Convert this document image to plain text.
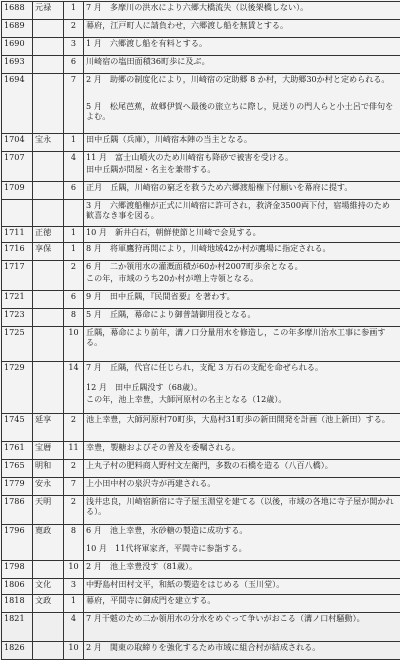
1688	元禄	1	7 月　多摩川の洪水により六郷大橋流失（以後架橋しない）。
1689		2	幕府，江戸町人に請負わせ，六郷渡し船を無賃とする。
1690		3	1 月　六郷渡し船を有料とする。
1693		6	川崎宿の塩田面積36町歩に及ぶ。
1694		7	2 月　助郷の制度化により，川崎宿の定助郷 8 か村，大助郷30か村と定められる。
			5 月　松尾芭蕉，故郷伊賀へ最後の旅立ちに際し，見送りの門人らと小土呂で俳句をよむ。
1704	宝永	1	田中丘隅（兵庫），川崎宿本陣の当主となる。
1707		4	11 月　富士山噴火のため川崎宿も降砂で被害を受ける。
			田中丘隅が問屋・名主を兼帯する。
1709		6	正月　丘隅，川崎宿の窮乏を救うため六郷渡船権下付願いを幕府に提す。
			3 月　六郷渡船権が正式に川崎宿に許可され，救済金3500両下付，宿場維持のため歓喜なき事を図る。
1711	正徳	1	10 月　新井白石，朝鮮使節と川崎で会見する。
1716	享保	1	8 月　将軍鷹狩再開により，川崎地域42か村が鷹場に指定される。
1717		2	6 月　二か領用水の灌漑面積が60か村2007町歩余となる。
			この年，市域のうち20か村が増上寺領となる。
1721		6	9 月　田中丘隅，『民間省要』を著わす。
1723		8	5 月　丘隅，幕命により御普請御用役となる。
1725		10	丘隅，幕命により前年，溝ノ口分量用水を修造し，この年多摩川治水工事に参画する。
1729		14	7 月　丘隅，代官に任じられ，支配 3 万石の支配を命ぜられる。
			12 月　田中丘隅没す（68歳）。
			この年，池上幸豊，大師河原村の名主となる（12歳）。
1745	延享	2	池上幸豊，大師河原村70町歩，大島村31町歩の新田開発を計画（池上新田）する。
1761	宝暦	11	幸豊，製糖およびその普及を委嘱される。
1765	明和	2	上丸子村の肥料商人野村文左衛門，多数の石橋を造る（八百八橋）。
1779	安永	7	上小田中村の泉沢寺が再建される。
1786	天明	2	浅井忠良，川崎宿新宿に寺子屋玉淵堂を建てる（以後，市域の各地に寺子屋が開かれる）。
1796	寛政	8	6 月　池上幸豊，氷砂糖の製造に成功する。
			10 月　11代将軍家斉，平間寺に参詣する。
1798		10	2 月　池上幸豊没す（81歳）。
1806	文化	3	中野島村田村文平，和紙の製造をはじめる（玉川堂）。
1818	文政	1	幕府，平間寺に御成門を建立する。
1821		4	7 月干魃のため二か領用水の分水をめぐって争いがおこる（溝ノ口村騒動）。
1826		10	2 月　関東の取締りを強化するため市域に組合村が結成される。
